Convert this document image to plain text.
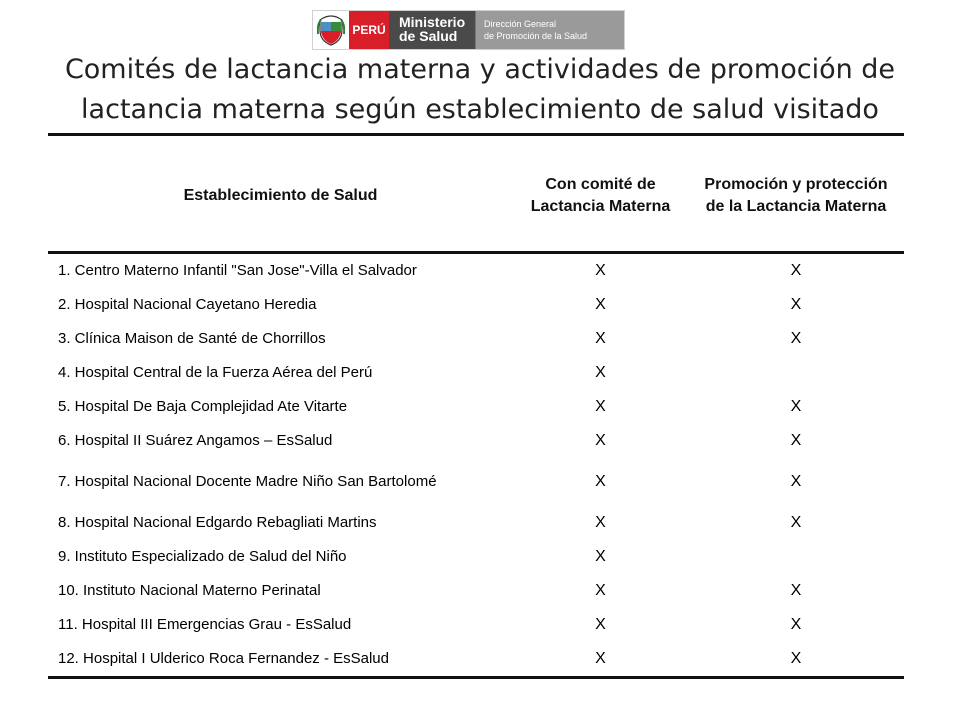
PERÚ Ministerio
de Salud
Dirección General
de Promoción de la Salud
Comités de lactancia materna y actividades de promoción de
lactancia materna según establecimiento de salud visitado
Establecimiento de Salud	Con comité de Lactancia Materna	Promoción y protección de la Lactancia Materna
1. Centro Materno Infantil "San Jose"-Villa el Salvador	X	X
2. Hospital Nacional Cayetano Heredia	X	X
3. Clínica Maison de Santé de Chorrillos	X	X
4. Hospital Central de la Fuerza Aérea del Perú	X	
5. Hospital De Baja Complejidad Ate Vitarte	X	X
6. Hospital II Suárez Angamos – EsSalud	X	X
7. Hospital Nacional Docente Madre Niño San Bartolomé	X	X
8. Hospital Nacional Edgardo Rebagliati Martins	X	X
9. Instituto Especializado de Salud del Niño	X	
10. Instituto Nacional Materno Perinatal	X	X
11. Hospital III Emergencias Grau - EsSalud	X	X
12. Hospital I Ulderico Roca Fernandez - EsSalud	X	X
